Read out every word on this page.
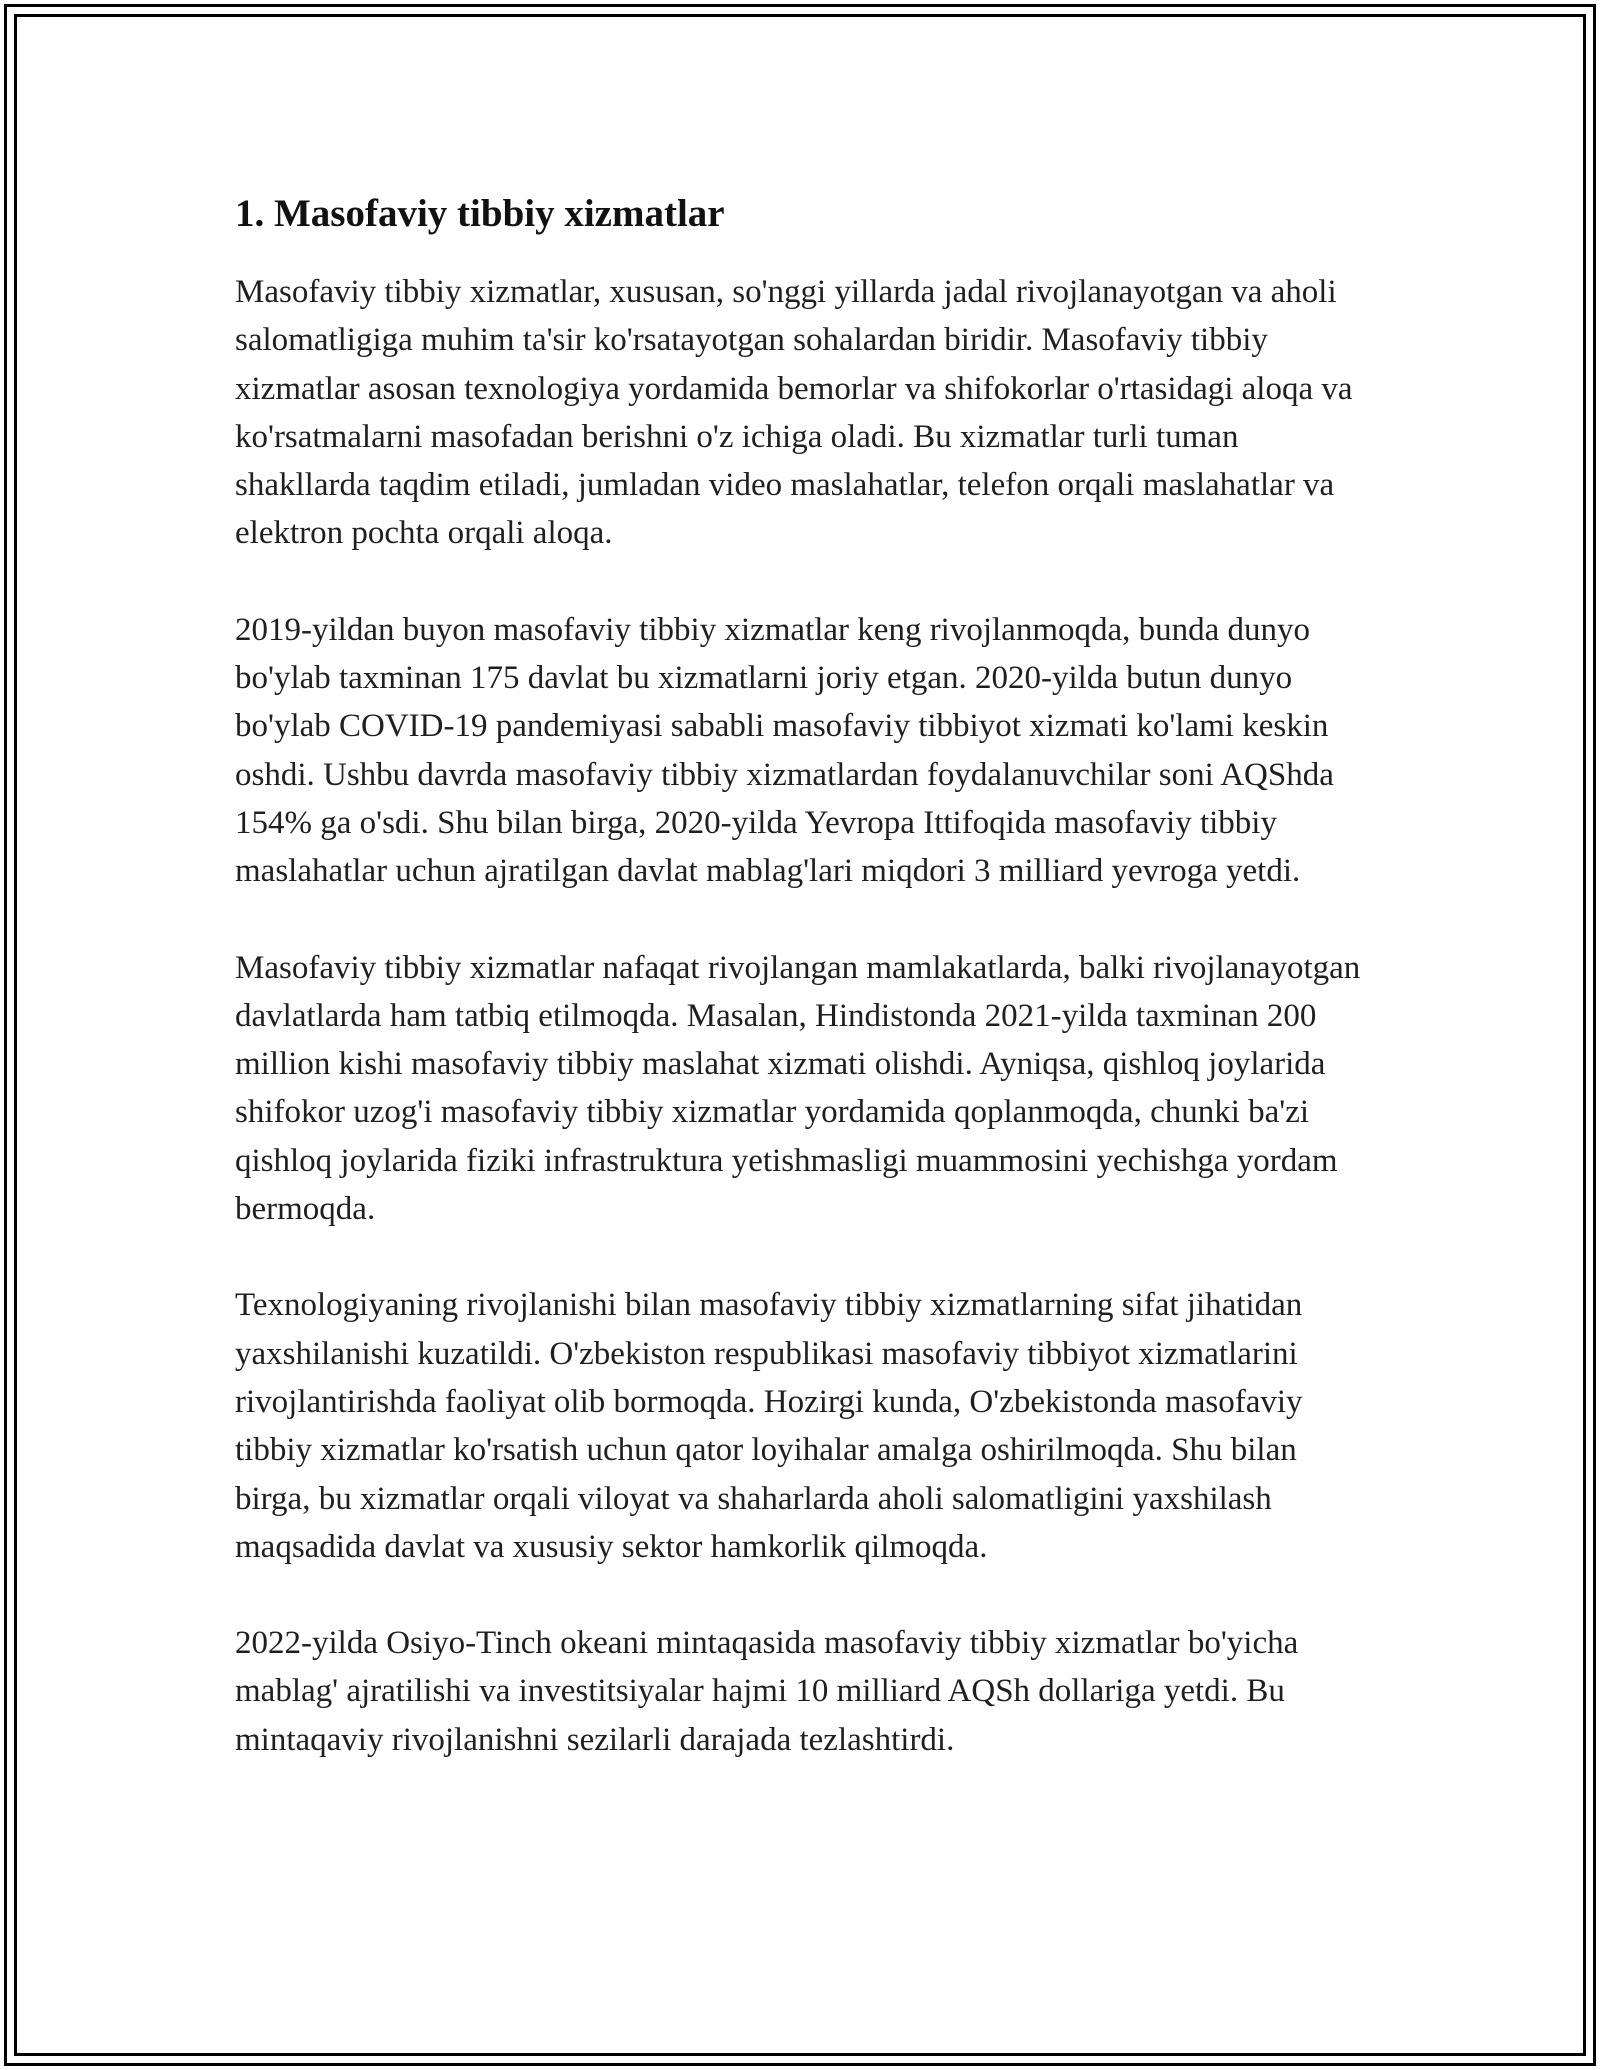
1. Masofaviy tibbiy xizmatlar

Masofaviy tibbiy xizmatlar, xususan, so'nggi yillarda jadal rivojlanayotgan va aholi salomatligiga muhim ta'sir ko'rsatayotgan sohalardan biridir. Masofaviy tibbiy xizmatlar asosan texnologiya yordamida bemorlar va shifokorlar o'rtasidagi aloqa va ko'rsatmalarni masofadan berishni o'z ichiga oladi. Bu xizmatlar turli tuman shakllarda taqdim etiladi, jumladan video maslahatlar, telefon orqali maslahatlar va elektron pochta orqali aloqa.

2019-yildan buyon masofaviy tibbiy xizmatlar keng rivojlanmoqda, bunda dunyo bo'ylab taxminan 175 davlat bu xizmatlarni joriy etgan. 2020-yilda butun dunyo bo'ylab COVID-19 pandemiyasi sababli masofaviy tibbiyot xizmati ko'lami keskin oshdi. Ushbu davrda masofaviy tibbiy xizmatlardan foydalanuvchilar soni AQShda 154% ga o'sdi. Shu bilan birga, 2020-yilda Yevropa Ittifoqida masofaviy tibbiy maslahatlar uchun ajratilgan davlat mablag'lari miqdori 3 milliard yevroga yetdi.

Masofaviy tibbiy xizmatlar nafaqat rivojlangan mamlakatlarda, balki rivojlanayotgan davlatlarda ham tatbiq etilmoqda. Masalan, Hindistonda 2021-yilda taxminan 200 million kishi masofaviy tibbiy maslahat xizmati olishdi. Ayniqsa, qishloq joylarida shifokor uzog'i masofaviy tibbiy xizmatlar yordamida qoplanmoqda, chunki ba'zi qishloq joylarida fiziki infrastruktura yetishmasligi muammosini yechishga yordam bermoqda.

Texnologiyaning rivojlanishi bilan masofaviy tibbiy xizmatlarning sifat jihatidan yaxshilanishi kuzatildi. O'zbekiston respublikasi masofaviy tibbiyot xizmatlarini rivojlantirishda faoliyat olib bormoqda. Hozirgi kunda, O'zbekistonda masofaviy tibbiy xizmatlar ko'rsatish uchun qator loyihalar amalga oshirilmoqda. Shu bilan birga, bu xizmatlar orqali viloyat va shaharlarda aholi salomatligini yaxshilash maqsadida davlat va xususiy sektor hamkorlik qilmoqda.

2022-yilda Osiyo-Tinch okeani mintaqasida masofaviy tibbiy xizmatlar bo'yicha mablag' ajratilishi va investitsiyalar hajmi 10 milliard AQSh dollariga yetdi. Bu mintaqaviy rivojlanishni sezilarli darajada tezlashtirdi.
